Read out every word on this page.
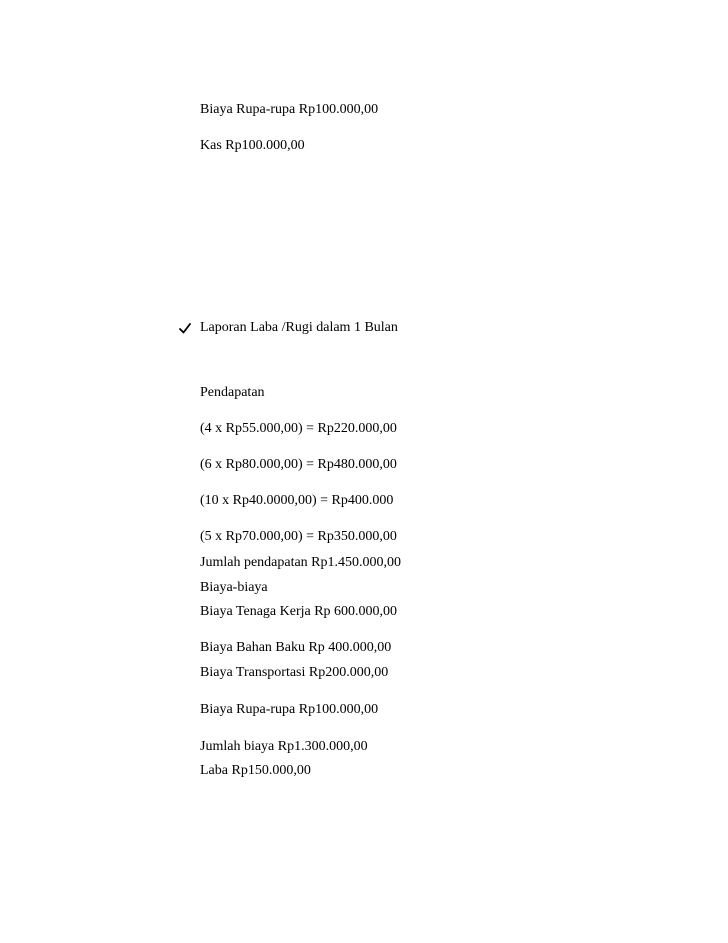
Biaya Rupa-rupa Rp100.000,00
Kas Rp100.000,00
Laporan Laba /Rugi dalam 1 Bulan
Pendapatan
(4 x Rp55.000,00) = Rp220.000,00
(6 x Rp80.000,00) = Rp480.000,00
(10 x Rp40.0000,00) = Rp400.000
(5 x Rp70.000,00) = Rp350.000,00
Jumlah pendapatan Rp1.450.000,00
Biaya-biaya
Biaya Tenaga Kerja Rp 600.000,00
Biaya Bahan Baku Rp 400.000,00
Biaya Transportasi Rp200.000,00
Biaya Rupa-rupa Rp100.000,00
Jumlah biaya Rp1.300.000,00
Laba Rp150.000,00
